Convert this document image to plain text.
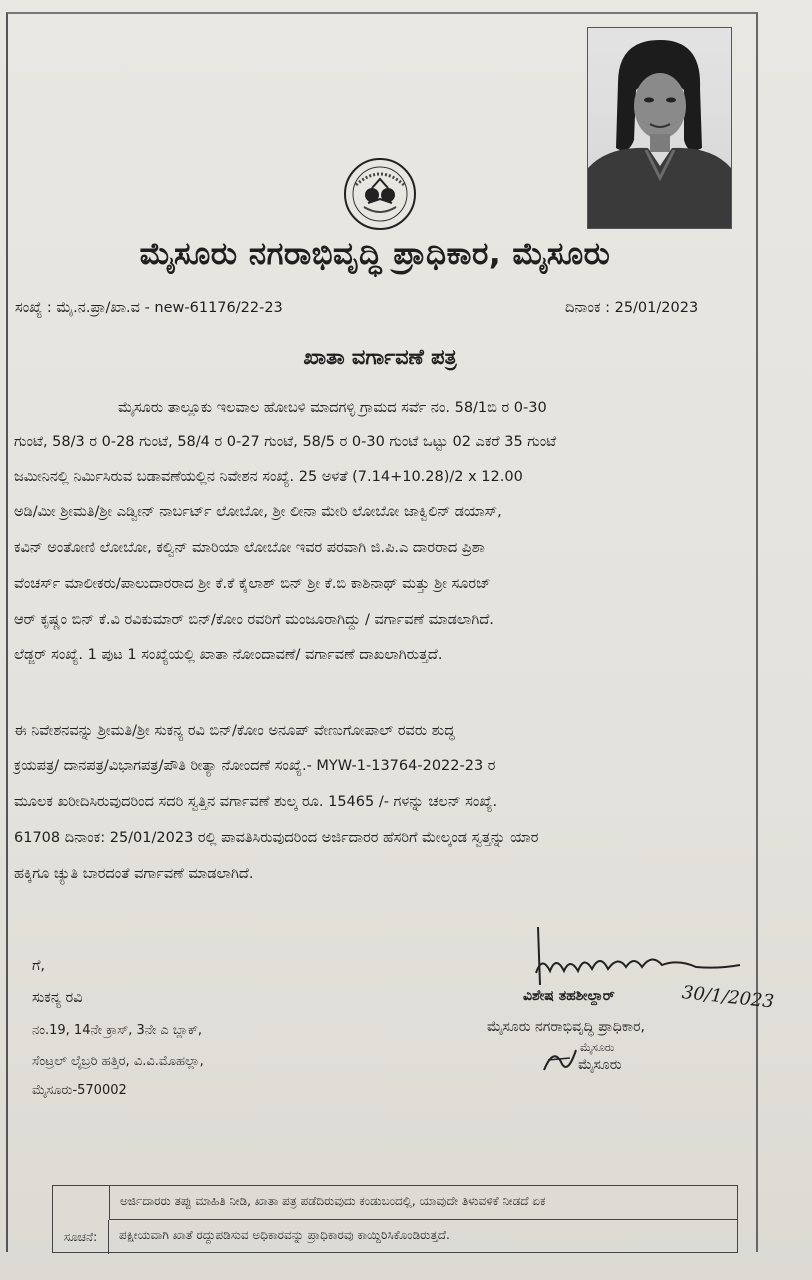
ಮೈಸೂರು ನಗರಾಭಿವೃದ್ಧಿ ಪ್ರಾಧಿಕಾರ, ಮೈಸೂರು
ಸಂಖ್ಯೆ : ಮೈ.ನ.ಪ್ರಾ/ಖಾ.ವ - new-61176/22-23	ದಿನಾಂಕ : 25/01/2023
ಖಾತಾ ವರ್ಗಾವಣೆ ಪತ್ರ
ಮೈಸೂರು ತಾಲ್ಲೂಕು ಇಲವಾಲ ಹೋಬಳಿ ಮಾದಗಳ್ಳಿ ಗ್ರಾಮದ ಸರ್ವೆ ನಂ. 58/1ಬಿ ರ 0-30
ಗುಂಟೆ, 58/3 ರ 0-28 ಗುಂಟೆ, 58/4 ರ 0-27 ಗುಂಟೆ, 58/5 ರ 0-30 ಗುಂಟೆ ಒಟ್ಟು 02 ಎಕರೆ 35 ಗುಂಟೆ
ಜಮೀನಿನಲ್ಲಿ ನಿರ್ಮಿಸಿರುವ ಬಡಾವಣೆಯಲ್ಲಿನ ನಿವೇಶನ ಸಂಖ್ಯೆ. 25 ಅಳತೆ (7.14+10.28)/2 x 12.00
ಅಡಿ/ಮೀ ಶ್ರೀಮತಿ/ಶ್ರೀ ಎಡ್ವೀನ್ ನಾರ್ಬರ್ಟ್ ಲೋಬೋ, ಶ್ರೀ ಲೀನಾ ಮೇರಿ ಲೋಬೋ ಜಾಕ್ವಿಲಿನ್ ಡಯಾಸ್,
ಕವಿನ್ ಅಂತೋಣಿ ಲೋಬೋ, ಕಲ್ವಿನ್ ಮಾರಿಯಾ ಲೋಬೋ ಇವರ ಪರವಾಗಿ ಜಿ.ಪಿ.ಎ ದಾರರಾದ ಪ್ರಿಶಾ
ವೆಂಚರ್ಸ್ ಮಾಲೀಕರು/ಪಾಲುದಾರರಾದ ಶ್ರೀ ಕೆ.ಕೆ ಕೈಲಾಶ್ ಬಿನ್ ಶ್ರೀ ಕೆ.ಬಿ ಕಾಶಿನಾಥ್ ಮತ್ತು ಶ್ರೀ ಸೂರಜ್
ಆರ್ ಕೃಷ್ಣಂ ಬಿನ್ ಕೆ.ವಿ ರವಿಕುಮಾರ್ ಬಿನ್/ಕೋಂ ರವರಿಗೆ ಮಂಜೂರಾಗಿದ್ದು / ವರ್ಗಾವಣೆ ಮಾಡಲಾಗಿದೆ.
ಲೆಡ್ಜರ್ ಸಂಖ್ಯೆ. 1 ಪುಟ 1 ಸಂಖ್ಯೆಯಲ್ಲಿ ಖಾತಾ ನೋಂದಾವಣೆ/ ವರ್ಗಾವಣೆ ದಾಖಲಾಗಿರುತ್ತದೆ.
ಈ ನಿವೇಶನವನ್ನು ಶ್ರೀಮತಿ/ಶ್ರೀ ಸುಕನ್ಯ ರವಿ ಬಿನ್/ಕೋಂ ಅನೂಪ್ ವೇಣುಗೋಪಾಲ್ ರವರು ಶುದ್ಧ
ಕ್ರಯಪತ್ರ/ ದಾನಪತ್ರ/ವಿಭಾಗಪತ್ರ/ಪೌತಿ ರೀತ್ಯಾ ನೋಂದಣೆ ಸಂಖ್ಯೆ.- MYW-1-13764-2022-23 ರ
ಮೂಲಕ ಖರೀದಿಸಿರುವುದರಿಂದ ಸದರಿ ಸ್ವತ್ತಿನ ವರ್ಗಾವಣೆ ಶುಲ್ಕ ರೂ. 15465 /- ಗಳನ್ನು ಚಲನ್ ಸಂಖ್ಯೆ.
61708 ದಿನಾಂಕ: 25/01/2023 ರಲ್ಲಿ ಪಾವತಿಸಿರುವುದರಿಂದ ಅರ್ಜಿದಾರರ ಹೆಸರಿಗೆ ಮೇಲ್ಕಂಡ ಸ್ವತ್ತನ್ನು ಯಾರ
ಹಕ್ಕಿಗೂ ಚ್ಯುತಿ ಬಾರದಂತೆ ವರ್ಗಾವಣೆ ಮಾಡಲಾಗಿದೆ.
ಗೆ,
ಸುಕನ್ಯ ರವಿ
ನಂ.19, 14ನೇ ಕ್ರಾಸ್, 3ನೇ ಎ ಬ್ಲಾಕ್,
ಸೆಂಟ್ರಲ್ ಲೈಬ್ರರಿ ಹತ್ತಿರ, ವಿ.ವಿ.ಮೊಹಲ್ಲಾ,
ಮೈಸೂರು-570002
30/1/2023
ವಿಶೇಷ ತಹಶೀಲ್ದಾರ್
ಮೈಸೂರು ನಗರಾಭಿವೃದ್ಧಿ ಪ್ರಾಧಿಕಾರ,
ಮೈಸೂರು
ಮೈಸೂರು
ಅರ್ಜಿದಾರರು ತಪ್ಪು ಮಾಹಿತಿ ನೀಡಿ, ಖಾತಾ ಪತ್ರ ಪಡೆದಿರುವುದು ಕಂಡುಬಂದಲ್ಲಿ, ಯಾವುದೇ ತಿಳುವಳಿಕೆ ನೀಡದೆ ಏಕ
ಸೂಚನೆ:	ಪಕ್ಷೀಯವಾಗಿ ಖಾತೆ ರದ್ದುಪಡಿಸುವ ಅಧಿಕಾರವನ್ನು ಪ್ರಾಧಿಕಾರವು ಕಾಯ್ದಿರಿಸಿಕೊಂಡಿರುತ್ತದೆ.
